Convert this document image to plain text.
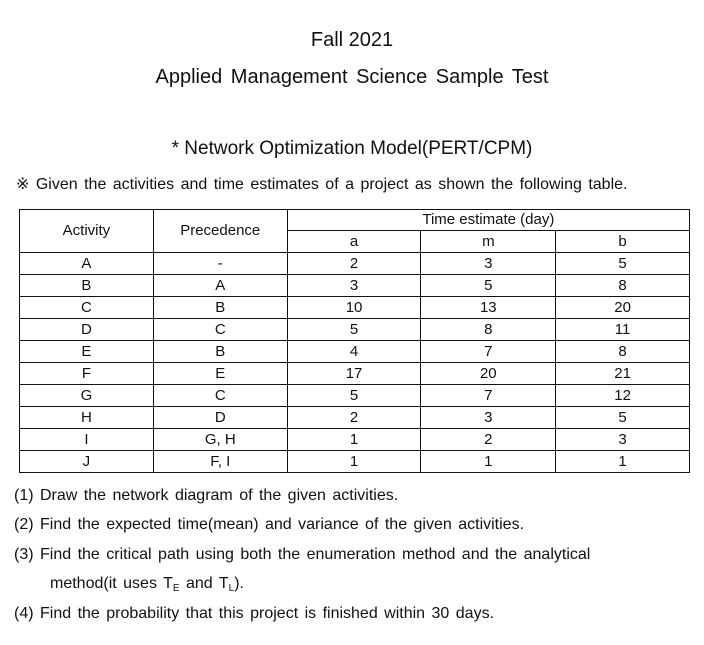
Fall 2021
Applied Management Science Sample Test
* Network Optimization Model(PERT/CPM)
※ Given the activities and time estimates of a project as shown the following table.
Activity	Precedence	Time estimate (day)		
		a	m	b
A	-	2	3	5
B	A	3	5	8
C	B	10	13	20
D	C	5	8	11
E	B	4	7	8
F	E	17	20	21
G	C	5	7	12
H	D	2	3	5
I	G, H	1	2	3
J	F, I	1	1	1
(1) Draw the network diagram of the given activities.
(2) Find the expected time(mean) and variance of the given activities.
(3) Find the critical path using both the enumeration method and the analytical
method(it uses $T_E$ and $T_L$).
(4) Find the probability that this project is finished within 30 days.
